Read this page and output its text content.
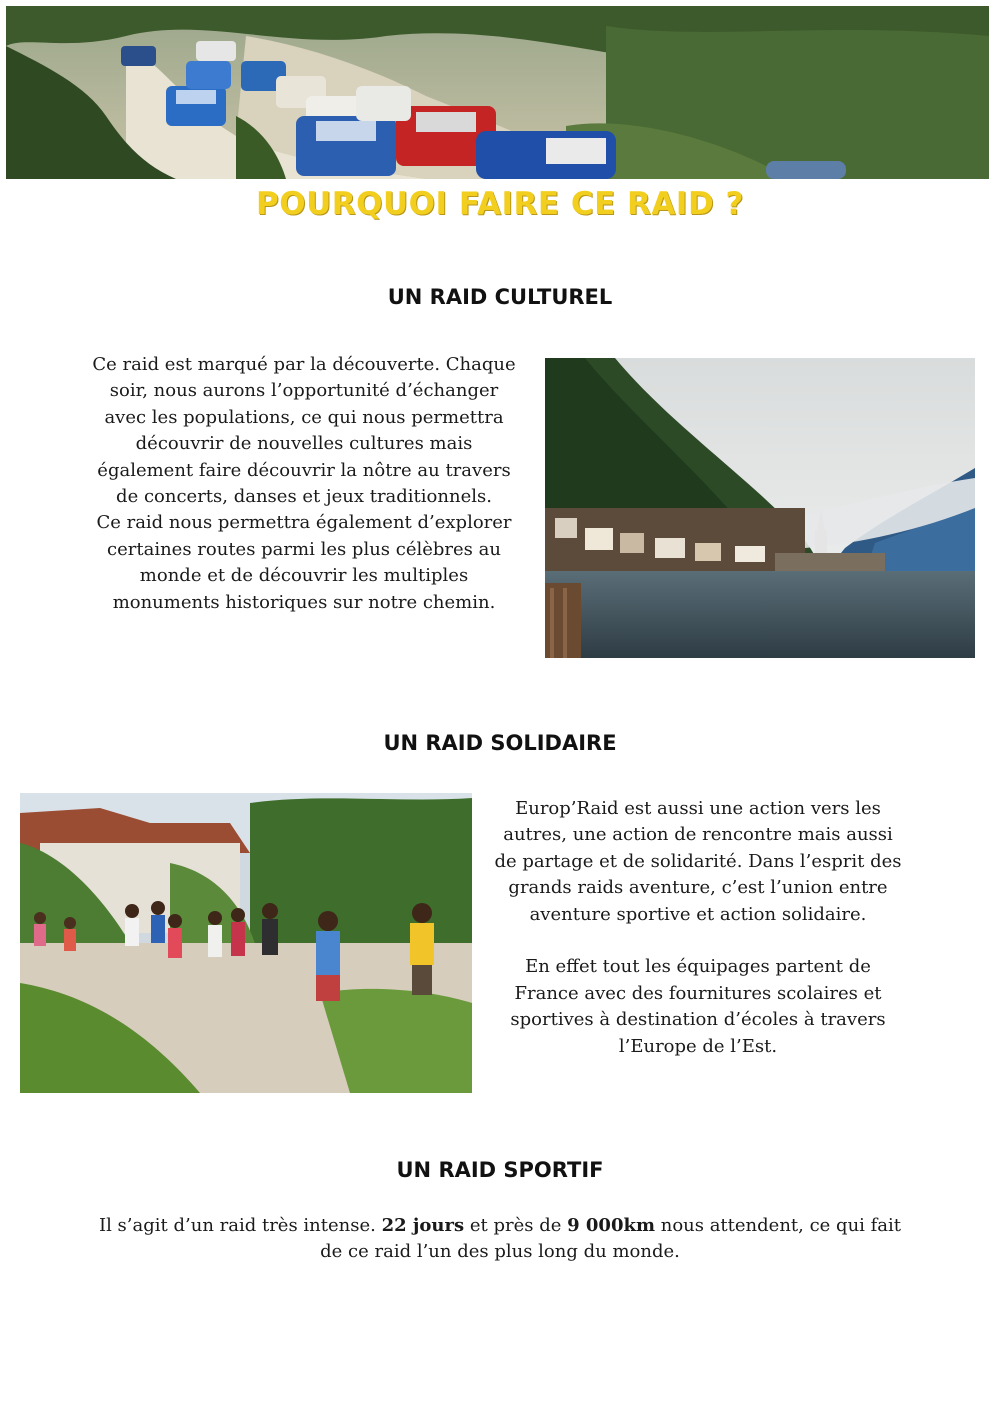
POURQUOI FAIRE CE RAID ?
UN RAID CULTUREL

Ce raid est marqué par la découverte. Chaque soir, nous aurons l’opportunité d’échanger avec les populations, ce qui nous permettra découvrir de nouvelles cultures mais également faire découvrir la nôtre au travers de concerts, danses et jeux traditionnels.

Ce raid nous permettra également d’explorer certaines routes parmi les plus célèbres au monde et de découvrir les multiples monuments historiques sur notre chemin.

UN RAID SOLIDAIRE

Europ’Raid est aussi une action vers les autres, une action de rencontre mais aussi de partage et de solidarité. Dans l’esprit des grands raids aventure, c’est l’union entre aventure sportive et action solidaire.

En effet tout les équipages partent de France avec des fournitures scolaires et sportives à destination d’écoles à travers l’Europe de l’Est.

UN RAID SPORTIF

Il s’agit d’un raid très intense. 22 jours et près de 9 000km nous attendent, ce qui fait de ce raid l’un des plus long du monde.
